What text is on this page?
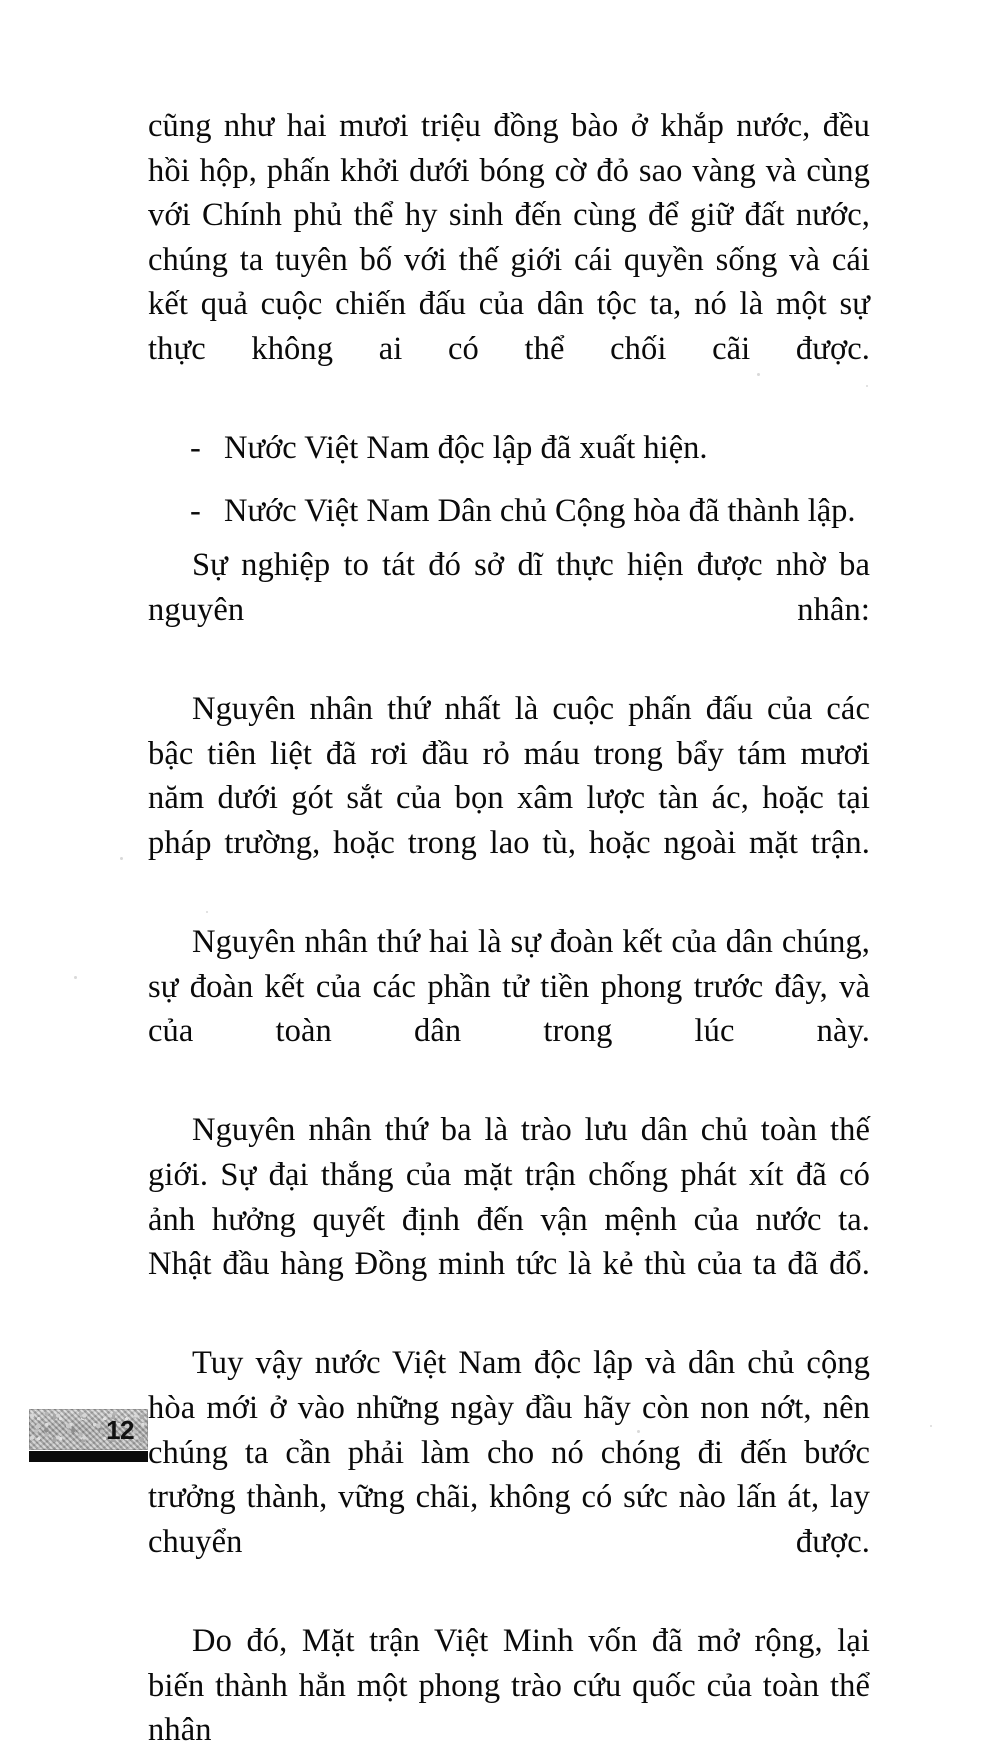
cũng như hai mươi triệu đồng bào ở khắp nước, đều hồi hộp, phấn khởi dưới bóng cờ đỏ sao vàng và cùng với Chính phủ thể hy sinh đến cùng để giữ đất nước, chúng ta tuyên bố với thế giới cái quyền sống và cái kết quả cuộc chiến đấu của dân tộc ta, nó là một sự thực không ai có thể chối cãi được.

- Nước Việt Nam độc lập đã xuất hiện.
- Nước Việt Nam Dân chủ Cộng hòa đã thành lập.

Sự nghiệp to tát đó sở dĩ thực hiện được nhờ ba nguyên nhân:

Nguyên nhân thứ nhất là cuộc phấn đấu của các bậc tiên liệt đã rơi đầu rỏ máu trong bẩy tám mươi năm dưới gót sắt của bọn xâm lược tàn ác, hoặc tại pháp trường, hoặc trong lao tù, hoặc ngoài mặt trận.

Nguyên nhân thứ hai là sự đoàn kết của dân chúng, sự đoàn kết của các phần tử tiền phong trước đây, và của toàn dân trong lúc này.

Nguyên nhân thứ ba là trào lưu dân chủ toàn thế giới. Sự đại thắng của mặt trận chống phát xít đã có ảnh hưởng quyết định đến vận mệnh của nước ta. Nhật đầu hàng Đồng minh tức là kẻ thù của ta đã đổ.

Tuy vậy nước Việt Nam độc lập và dân chủ cộng hòa mới ở vào những ngày đầu hãy còn non nớt, nên chúng ta cần phải làm cho nó chóng đi đến bước trưởng thành, vững chãi, không có sức nào lấn át, lay chuyển được.

Do đó, Mặt trận Việt Minh vốn đã mở rộng, lại biến thành hẳn một phong trào cứu quốc của toàn thể nhân

12
